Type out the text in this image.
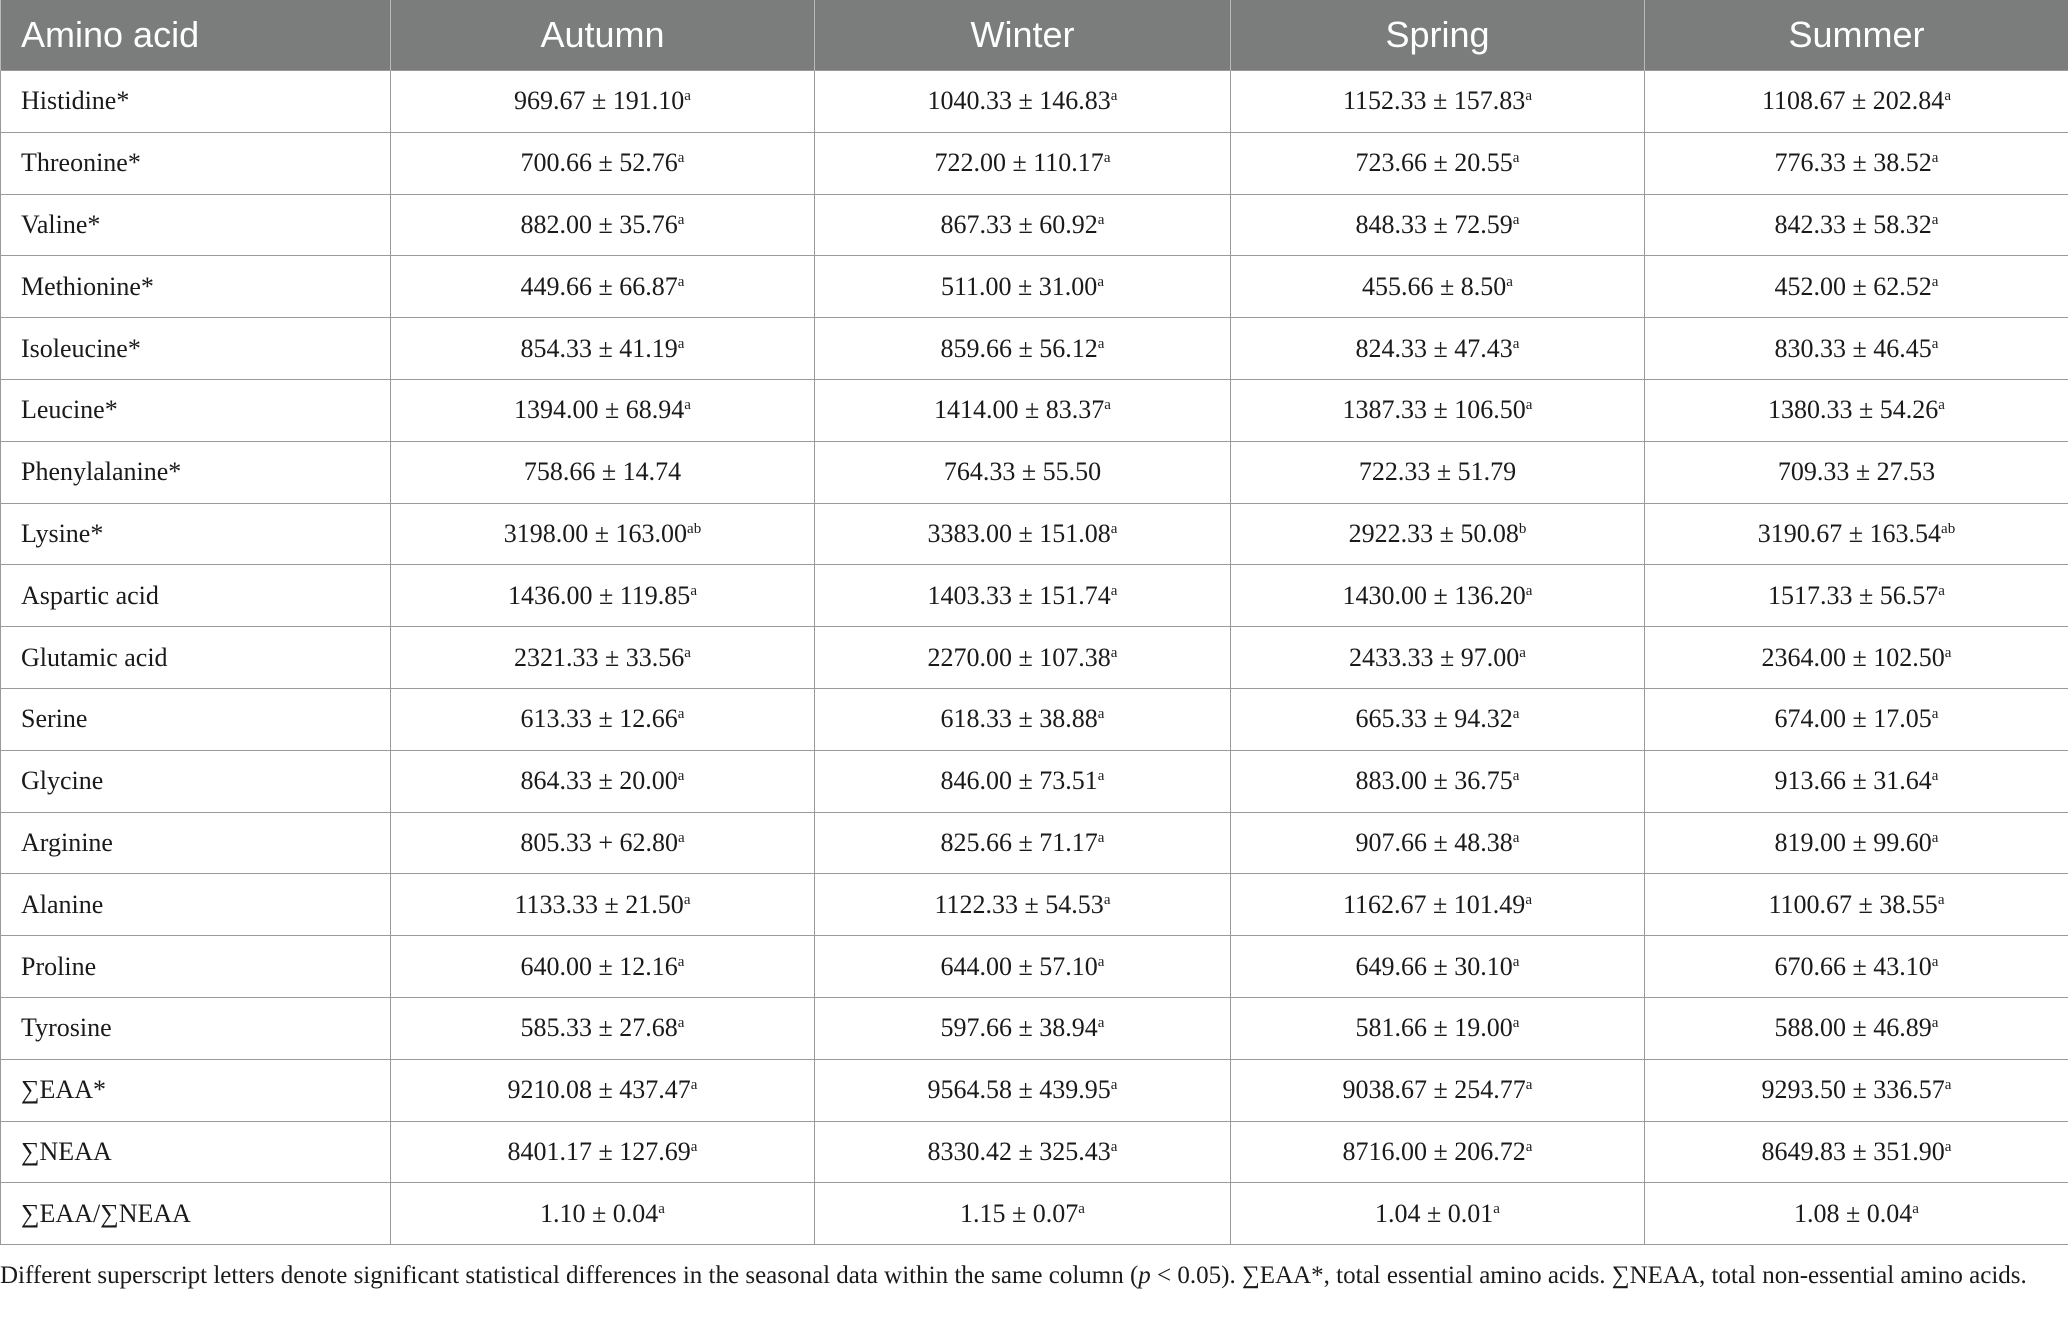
Amino acid	Autumn	Winter	Spring	Summer
Histidine*	969.67 ± 191.10$^a$	1040.33 ± 146.83$^a$	1152.33 ± 157.83$^a$	1108.67 ± 202.84$^a$
Threonine*	700.66 ± 52.76$^a$	722.00 ± 110.17$^a$	723.66 ± 20.55$^a$	776.33 ± 38.52$^a$
Valine*	882.00 ± 35.76$^a$	867.33 ± 60.92$^a$	848.33 ± 72.59$^a$	842.33 ± 58.32$^a$
Methionine*	449.66 ± 66.87$^a$	511.00 ± 31.00$^a$	455.66 ± 8.50$^a$	452.00 ± 62.52$^a$
Isoleucine*	854.33 ± 41.19$^a$	859.66 ± 56.12$^a$	824.33 ± 47.43$^a$	830.33 ± 46.45$^a$
Leucine*	1394.00 ± 68.94$^a$	1414.00 ± 83.37$^a$	1387.33 ± 106.50$^a$	1380.33 ± 54.26$^a$
Phenylalanine*	758.66 ± 14.74	764.33 ± 55.50	722.33 ± 51.79	709.33 ± 27.53
Lysine*	3198.00 ± 163.00$^{ab}$	3383.00 ± 151.08$^a$	2922.33 ± 50.08$^b$	3190.67 ± 163.54$^{ab}$
Aspartic acid	1436.00 ± 119.85$^a$	1403.33 ± 151.74$^a$	1430.00 ± 136.20$^a$	1517.33 ± 56.57$^a$
Glutamic acid	2321.33 ± 33.56$^a$	2270.00 ± 107.38$^a$	2433.33 ± 97.00$^a$	2364.00 ± 102.50$^a$
Serine	613.33 ± 12.66$^a$	618.33 ± 38.88$^a$	665.33 ± 94.32$^a$	674.00 ± 17.05$^a$
Glycine	864.33 ± 20.00$^a$	846.00 ± 73.51$^a$	883.00 ± 36.75$^a$	913.66 ± 31.64$^a$
Arginine	805.33 + 62.80$^a$	825.66 ± 71.17$^a$	907.66 ± 48.38$^a$	819.00 ± 99.60$^a$
Alanine	1133.33 ± 21.50$^a$	1122.33 ± 54.53$^a$	1162.67 ± 101.49$^a$	1100.67 ± 38.55$^a$
Proline	640.00 ± 12.16$^a$	644.00 ± 57.10$^a$	649.66 ± 30.10$^a$	670.66 ± 43.10$^a$
Tyrosine	585.33 ± 27.68$^a$	597.66 ± 38.94$^a$	581.66 ± 19.00$^a$	588.00 ± 46.89$^a$
∑EAA*	9210.08 ± 437.47$^a$	9564.58 ± 439.95$^a$	9038.67 ± 254.77$^a$	9293.50 ± 336.57$^a$
∑NEAA	8401.17 ± 127.69$^a$	8330.42 ± 325.43$^a$	8716.00 ± 206.72$^a$	8649.83 ± 351.90$^a$
∑EAA/∑NEAA	1.10 ± 0.04$^a$	1.15 ± 0.07$^a$	1.04 ± 0.01$^a$	1.08 ± 0.04$^a$
Different superscript letters denote significant statistical differences in the seasonal data within the same column (p < 0.05). ∑EAA*, total essential amino acids. ∑NEAA, total non-essential amino acids.
